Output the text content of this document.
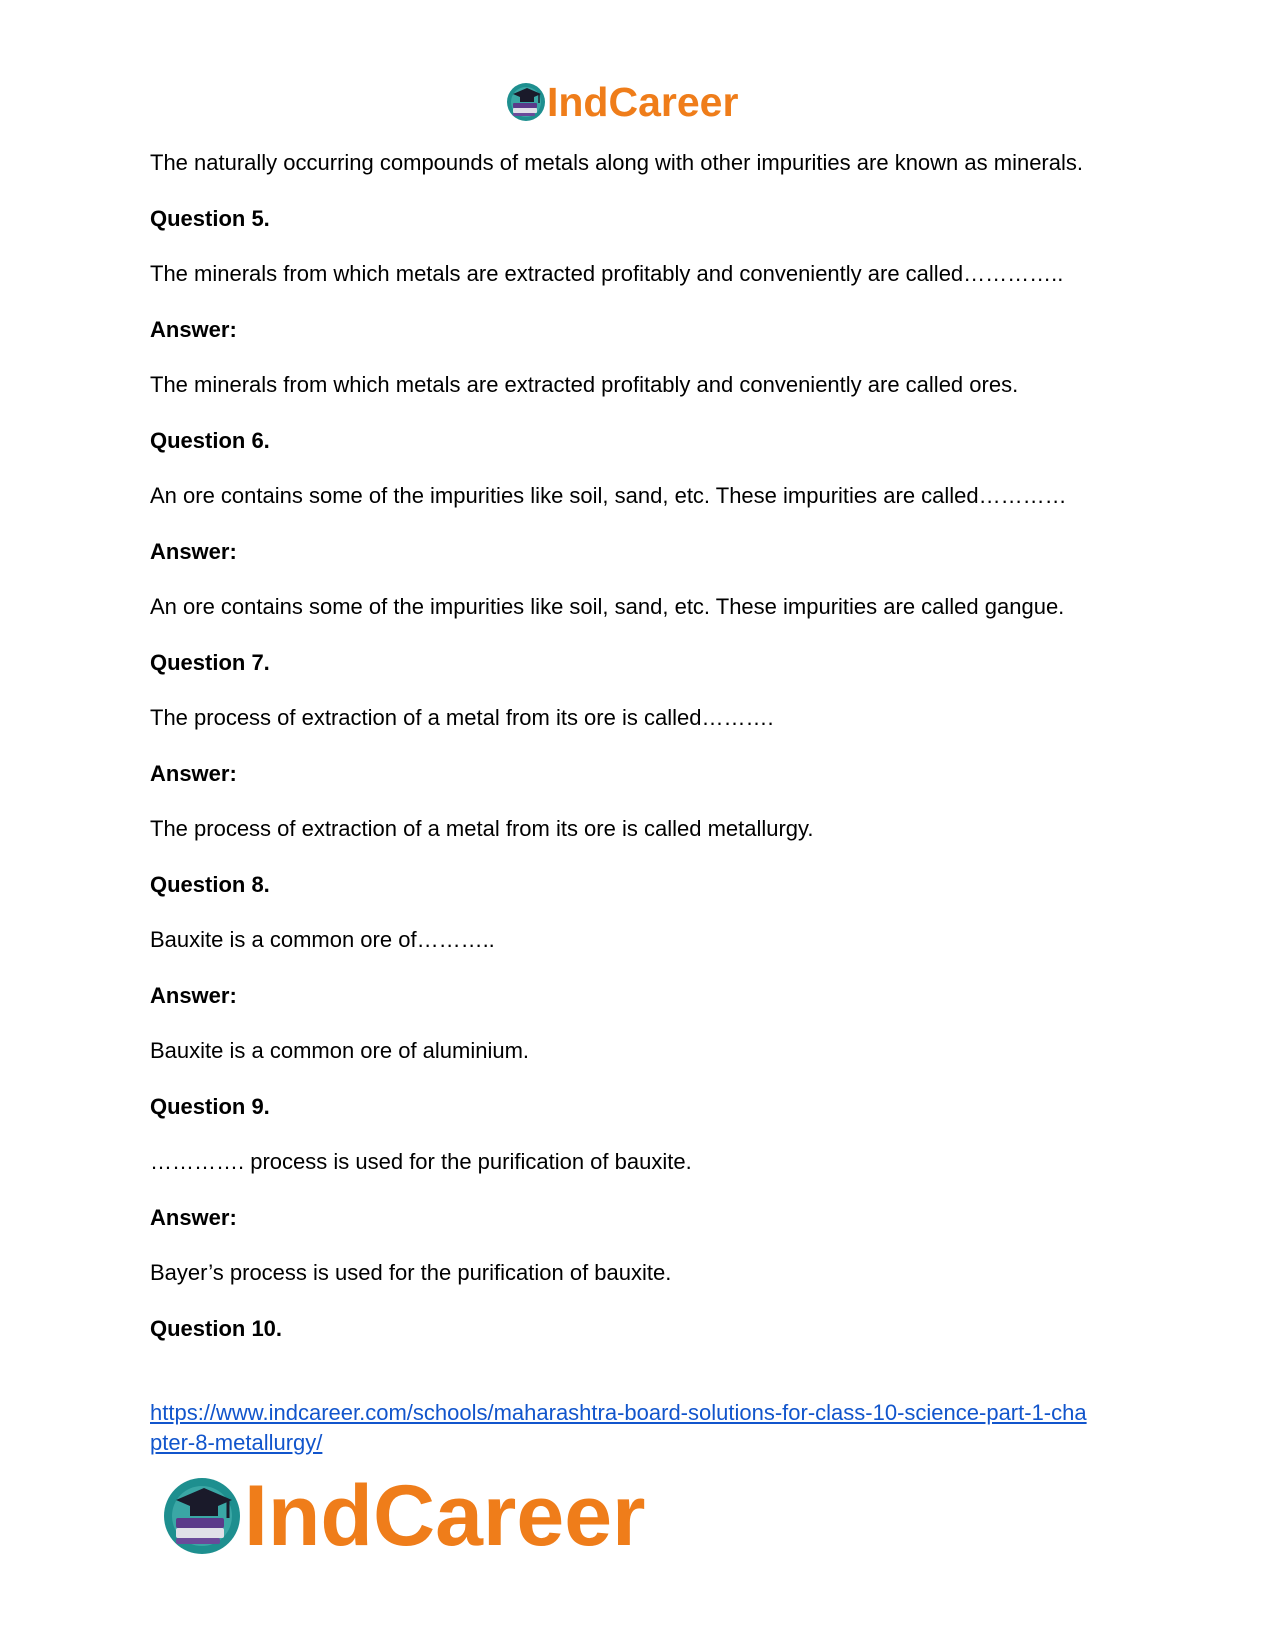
IndCareer
The naturally occurring compounds of metals along with other impurities are known as minerals.
Question 5.
The minerals from which metals are extracted profitably and conveniently are called…………..
Answer:
The minerals from which metals are extracted profitably and conveniently are called ores.
Question 6.
An ore contains some of the impurities like soil, sand, etc. These impurities are called…………
Answer:
An ore contains some of the impurities like soil, sand, etc. These impurities are called gangue.
Question 7.
The process of extraction of a metal from its ore is called……….
Answer:
The process of extraction of a metal from its ore is called metallurgy.
Question 8.
Bauxite is a common ore of………..
Answer:
Bauxite is a common ore of aluminium.
Question 9.
…………. process is used for the purification of bauxite.
Answer:
Bayer’s process is used for the purification of bauxite.
Question 10.
https://www.indcareer.com/schools/maharashtra-board-solutions-for-class-10-science-part-1-cha
pter-8-metallurgy/
IndCareer
